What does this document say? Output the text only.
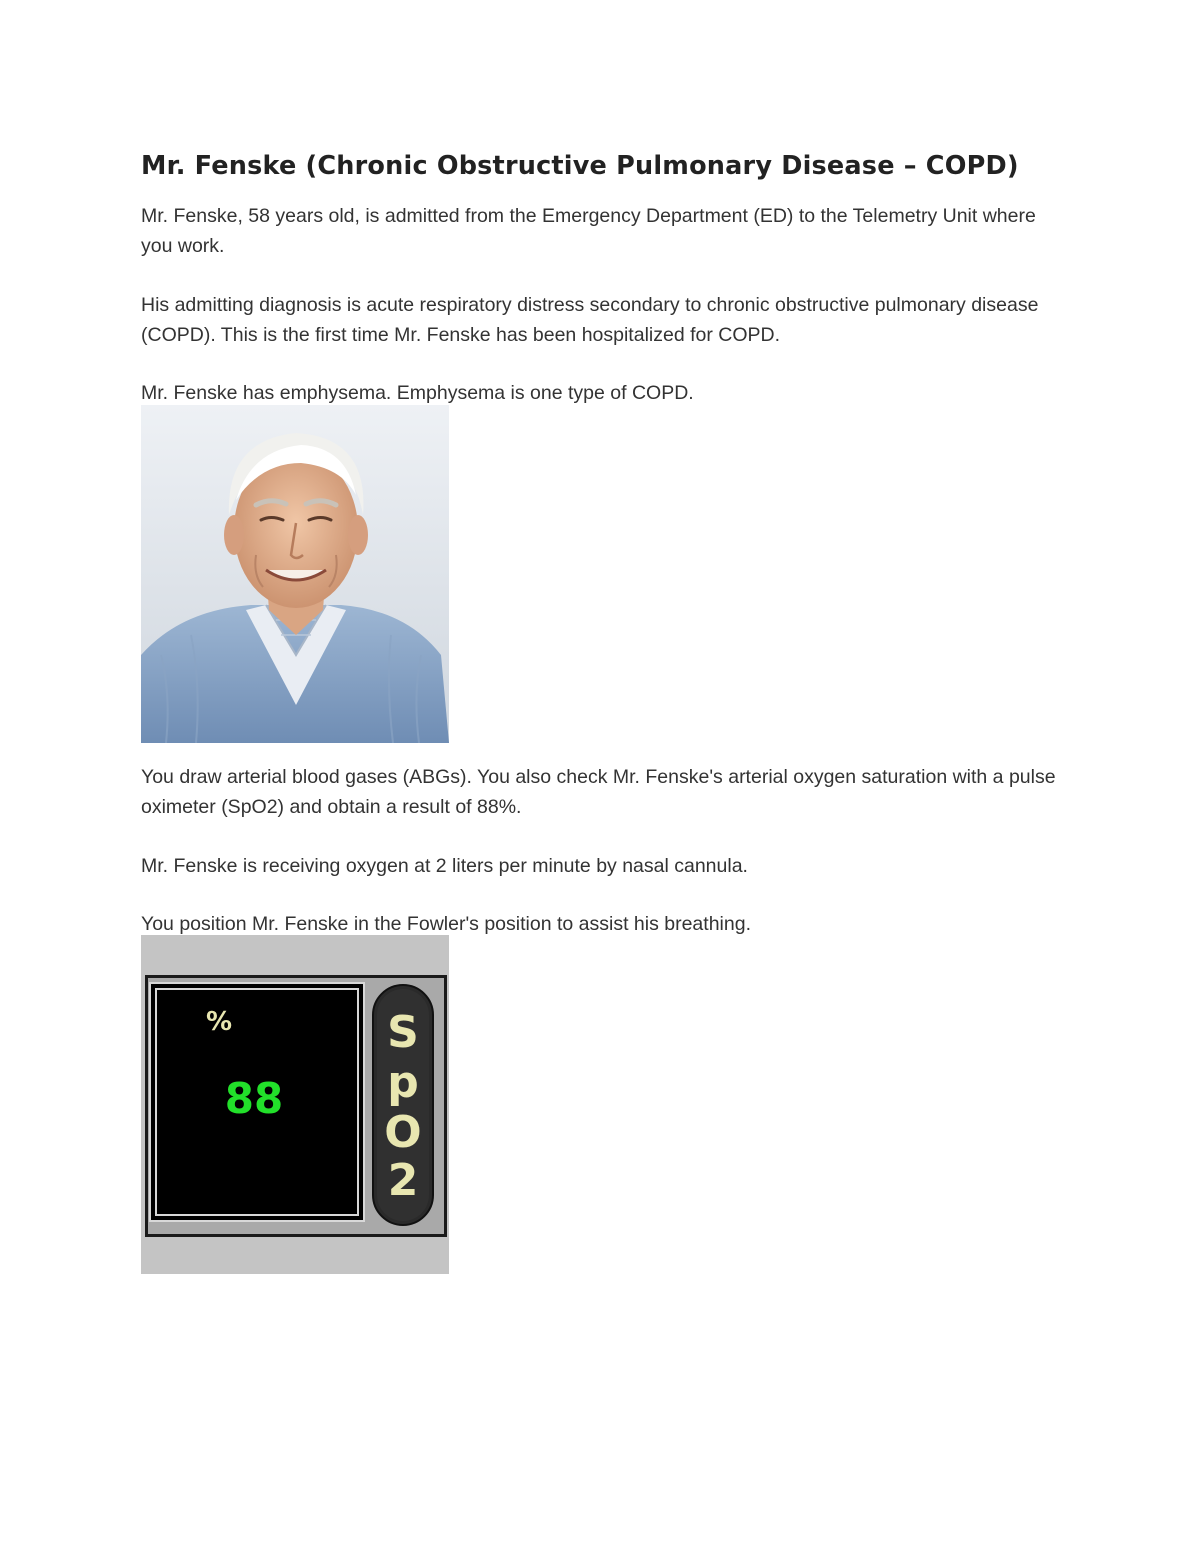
Mr. Fenske (Chronic Obstructive Pulmonary Disease – COPD)

Mr. Fenske, 58 years old, is admitted from the Emergency Department (ED) to the Telemetry Unit where you work.

His admitting diagnosis is acute respiratory distress secondary to chronic obstructive pulmonary disease (COPD). This is the first time Mr. Fenske has been hospitalized for COPD.

Mr. Fenske has emphysema. Emphysema is one type of COPD.

You draw arterial blood gases (ABGs). You also check Mr. Fenske's arterial oxygen saturation with a pulse oximeter (SpO2) and obtain a result of 88%.

Mr. Fenske is receiving oxygen at 2 liters per minute by nasal cannula.

You position Mr. Fenske in the Fowler's position to assist his breathing.

%
88
S
p
O
2
